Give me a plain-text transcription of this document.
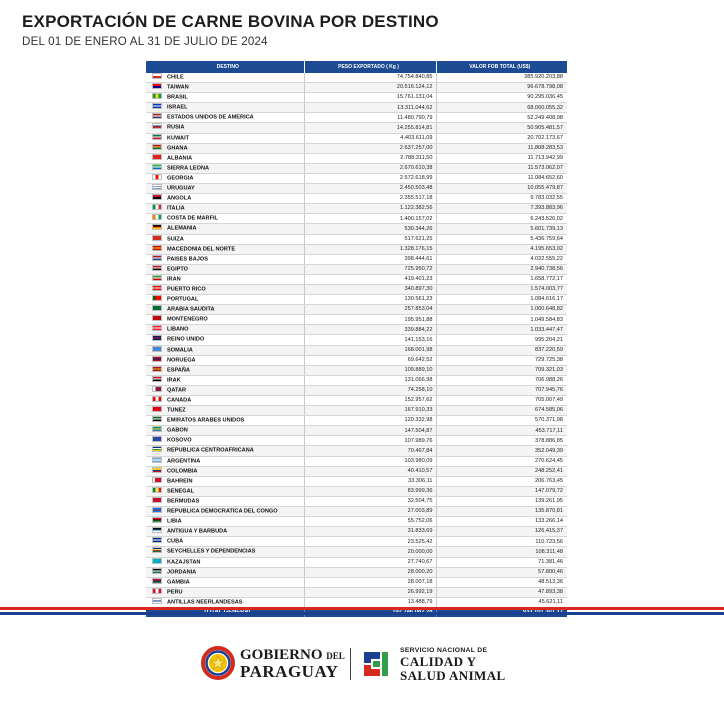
EXPORTACIÓN DE CARNE BOVINA POR DESTINO
DEL 01 DE ENERO AL 31 DE JULIO DE 2024
DESTINO	PESO EXPORTADO ( Kg )	VALOR FOB TOTAL (US$)
CHILE	74.754.840,85	385.920.203,88
TAIWAN	20.516.124,12	96.678.798,08
BRASIL	15.761.131,04	90.295.036,45
ISRAEL	13.311.044,62	68.060.055,32
ESTADOS UNIDOS DE AMERICA	11.480.790,79	52.249.408,98
RUSIA	14.255.814,81	50.905.481,57
KUWAIT	4.403.611,09	20.702.173,67
GHANA	2.637.257,00	11.808.283,53
ALBANIA	2.788.311,50	11.713.942,99
SIERRA LEONA	2.670.610,38	11.573.062,07
GEORGIA	2.572.618,99	11.084.652,60
URUGUAY	2.450.503,48	10.055.479,87
ANGOLA	2.355.517,18	9.783.032,55
ITALIA	1.122.382,56	7.393.883,96
COSTA DE MARFIL	1.400.157,02	6.243.526,02
ALEMANIA	530.344,26	5.601.739,13
SUIZA	517.621,25	5.436.759,64
MACEDONIA DEL NORTE	1.328.176,15	4.195.653,02
PAISES BAJOS	398.444,61	4.032.555,22
EGIPTO	725.950,72	2.940.738,56
IRAN	419.401,23	1.658.772,17
PUERTO RICO	340.897,30	1.574.003,77
PORTUGAL	130.561,23	1.084.616,17
ARABIA SAUDITA	257.853,04	1.060.648,82
MONTENEGRO	195.951,88	1.049.584,83
LIBANO	339.884,22	1.033.447,47
REINO UNIDO	141.153,16	995.204,21
SOMALIA	168.001,98	837.220,59
NORUEGA	69.642,52	729.725,38
ESPAÑA	109.889,10	709.321,03
IRAK	131.066,98	706.988,26
QATAR	74.258,10	707.945,76
CANADA	152.957,62	705.007,49
TUNEZ	167.910,33	674.585,06
EMIRATOS ARABES UNIDOS	120.332,98	570.371,98
GABON	147.504,87	453.717,11
KOSOVO	107.989,76	378.886,85
REPUBLICA CENTROAFRICANA	70.467,84	352.049,39
ARGENTINA	103.980,09	270.624,45
COLOMBIA	40.410,57	248.252,41
BAHREIN	33.306,11	206.763,45
SENEGAL	83.999,36	147.079,72
BERMUDAS	32.504,75	139.261,95
REPUBLICA DEMOCRATICA DEL CONGO	27.003,89	135.870,81
LIBIA	55.752,06	133.266,14
ANTIGUA Y BARBUDA	31.833,69	126.415,37
CUBA	23.525,42	110.723,56
SEYCHELLES Y DEPENDENCIAS	20.000,00	108.311,48
KAZAJSTAN	27.740,67	71.381,46
JORDANIA	28.000,20	57.800,46
GAMBIA	28.007,18	48.513,36
PERU	26.992,19	47.893,38
ANTILLAS NEERLANDESAS	13.488,79	45.621,11

GOBIERNO DEL
PARAGUAY
SERVICIO NACIONAL DE
CALIDAD Y
SALUD ANIMAL
